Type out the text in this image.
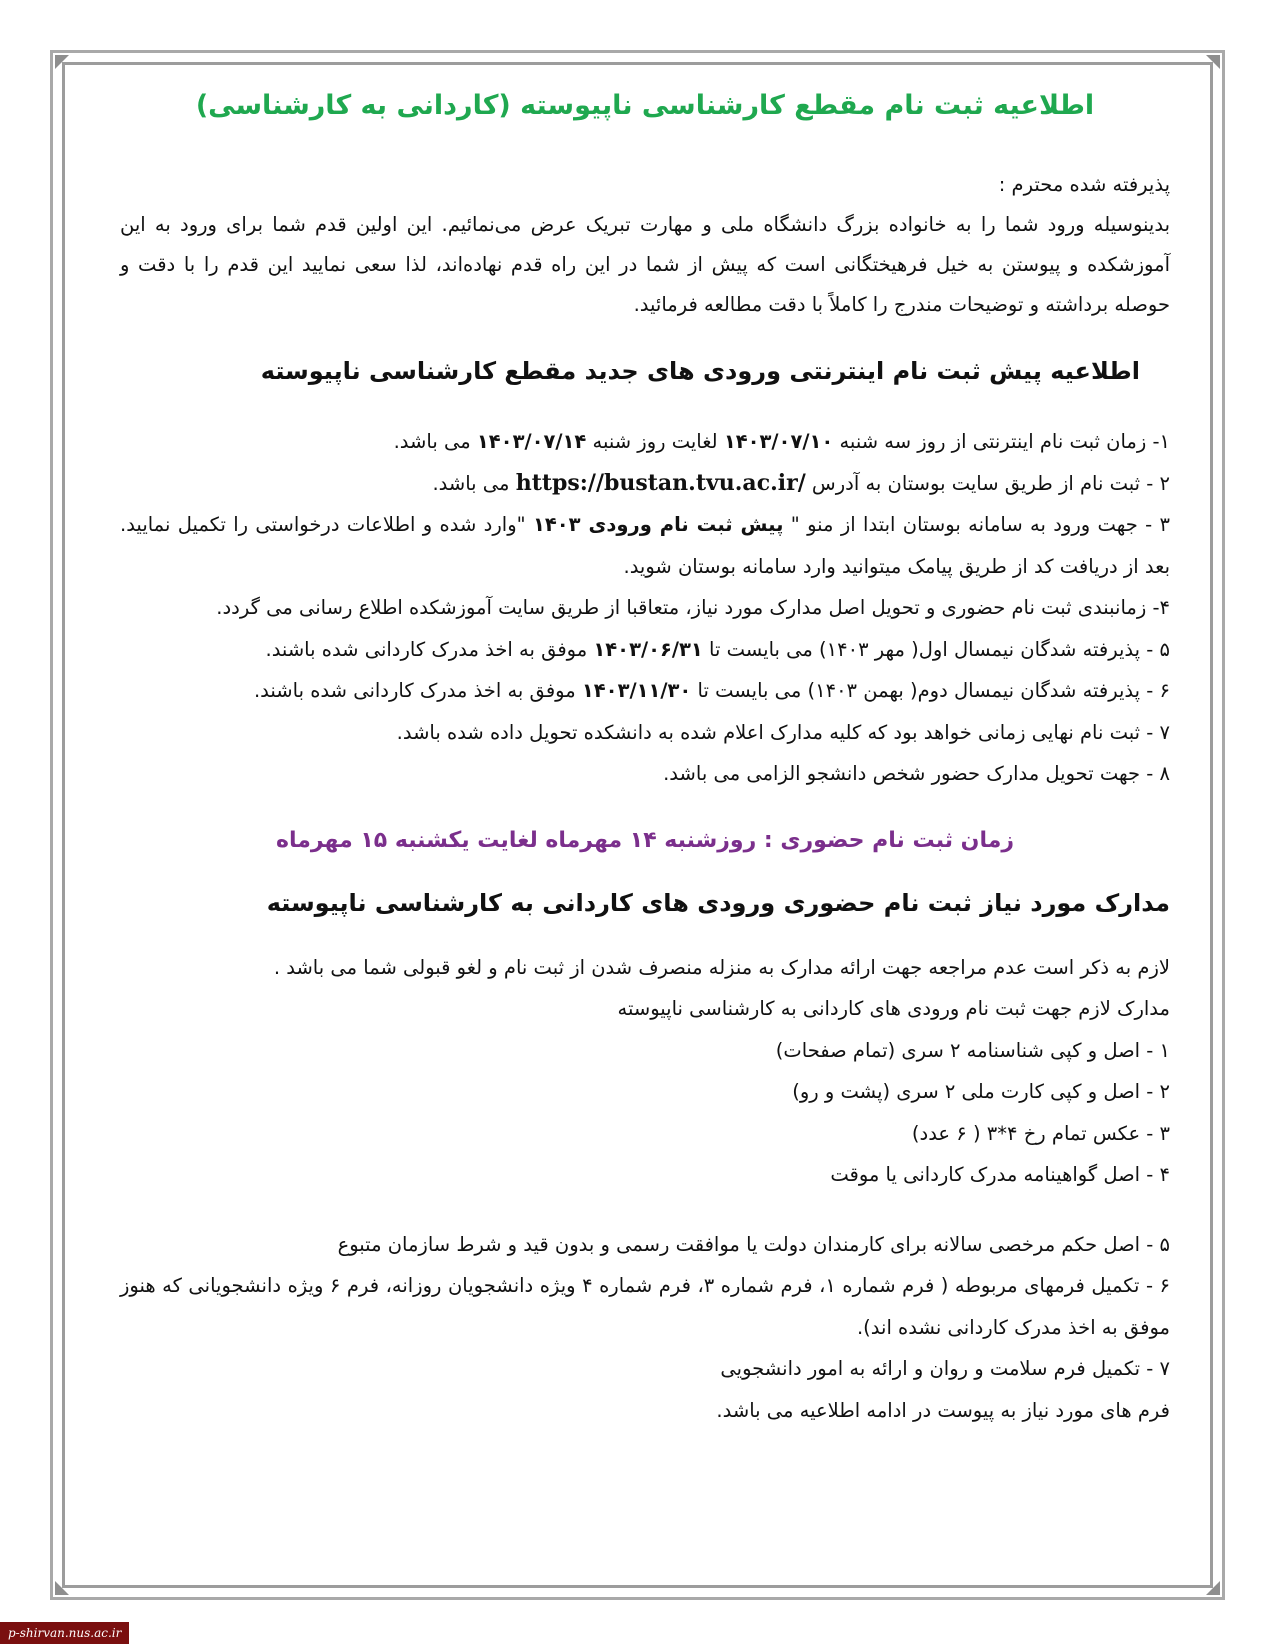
اطلاعیه ثبت نام مقطع کارشناسی ناپیوسته (کاردانی به کارشناسی)

پذیرفته شده محترم :

بدینوسیله ورود شما را به خانواده بزرگ دانشگاه ملی و مهارت تبریک عرض می‌نمائیم. این اولین قدم شما برای ورود به این آموزشکده و پیوستن به خیل فرهیختگانی است که پیش از شما در این راه قدم نهاده‌اند، لذا سعی نمایید این قدم را با دقت و حوصله برداشته و توضیحات مندرج را کاملاً با دقت مطالعه فرمائید.

اطلاعیه پیش ثبت نام اینترنتی ورودی های جدید مقطع کارشناسی ناپیوسته

۱- زمان ثبت نام اینترنتی از روز سه شنبه ۱۴۰۳/۰۷/۱۰ لغایت روز شنبه ۱۴۰۳/۰۷/۱۴ می باشد.

۲ - ثبت نام از طریق سایت بوستان به آدرس https://bustan.tvu.ac.ir/ می باشد.

۳ - جهت ورود به سامانه بوستان ابتدا از منو " پیش ثبت نام ورودی ۱۴۰۳ "وارد شده و اطلاعات درخواستی را تکمیل نمایید. بعد از دریافت کد از طریق پیامک میتوانید وارد سامانه بوستان شوید.

۴- زمانبندی ثبت نام حضوری و تحویل اصل مدارک مورد نیاز، متعاقبا از طریق سایت آموزشکده اطلاع رسانی می گردد.

۵ - پذیرفته شدگان نیمسال اول( مهر ۱۴۰۳) می بایست تا ۱۴۰۳/۰۶/۳۱ موفق به اخذ مدرک کاردانی شده باشند.

۶ - پذیرفته شدگان نیمسال دوم( بهمن ۱۴۰۳) می بایست تا ۱۴۰۳/۱۱/۳۰ موفق به اخذ مدرک کاردانی شده باشند.

۷ - ثبت نام نهایی زمانی خواهد بود که کلیه مدارک اعلام شده به دانشکده تحویل داده شده باشد.

۸ - جهت تحویل مدارک حضور شخص دانشجو الزامی می باشد.

زمان ثبت نام حضوری : روزشنبه ۱۴ مهرماه لغایت یکشنبه ۱۵ مهرماه
مدارک مورد نیاز ثبت نام حضوری ورودی های کاردانی به کارشناسی ناپیوسته

لازم به ذکر است عدم مراجعه جهت ارائه مدارک به منزله منصرف شدن از ثبت نام و لغو قبولی شما می باشد .

مدارک لازم جهت ثبت نام ورودی های کاردانی به کارشناسی ناپیوسته

۱ - اصل و کپی شناسنامه ۲ سری (تمام صفحات)

۲ - اصل و کپی کارت ملی ۲ سری (پشت و رو)

۳ - عکس تمام رخ ۴*۳ ( ۶ عدد)

۴ - اصل گواهینامه مدرک کاردانی یا موقت

۵ - اصل حکم مرخصی سالانه برای کارمندان دولت یا موافقت رسمی و بدون قید و شرط سازمان متبوع

۶ - تکمیل فرمهای مربوطه ( فرم شماره ۱، فرم شماره ۳، فرم شماره ۴ ویژه دانشجویان روزانه، فرم ۶ ویژه دانشجویانی که هنوز موفق به اخذ مدرک کاردانی نشده اند).

۷ - تکمیل فرم سلامت و روان و ارائه به امور دانشجویی

فرم های مورد نیاز به پیوست در ادامه اطلاعیه می باشد.

p-shirvan.nus.ac.ir
